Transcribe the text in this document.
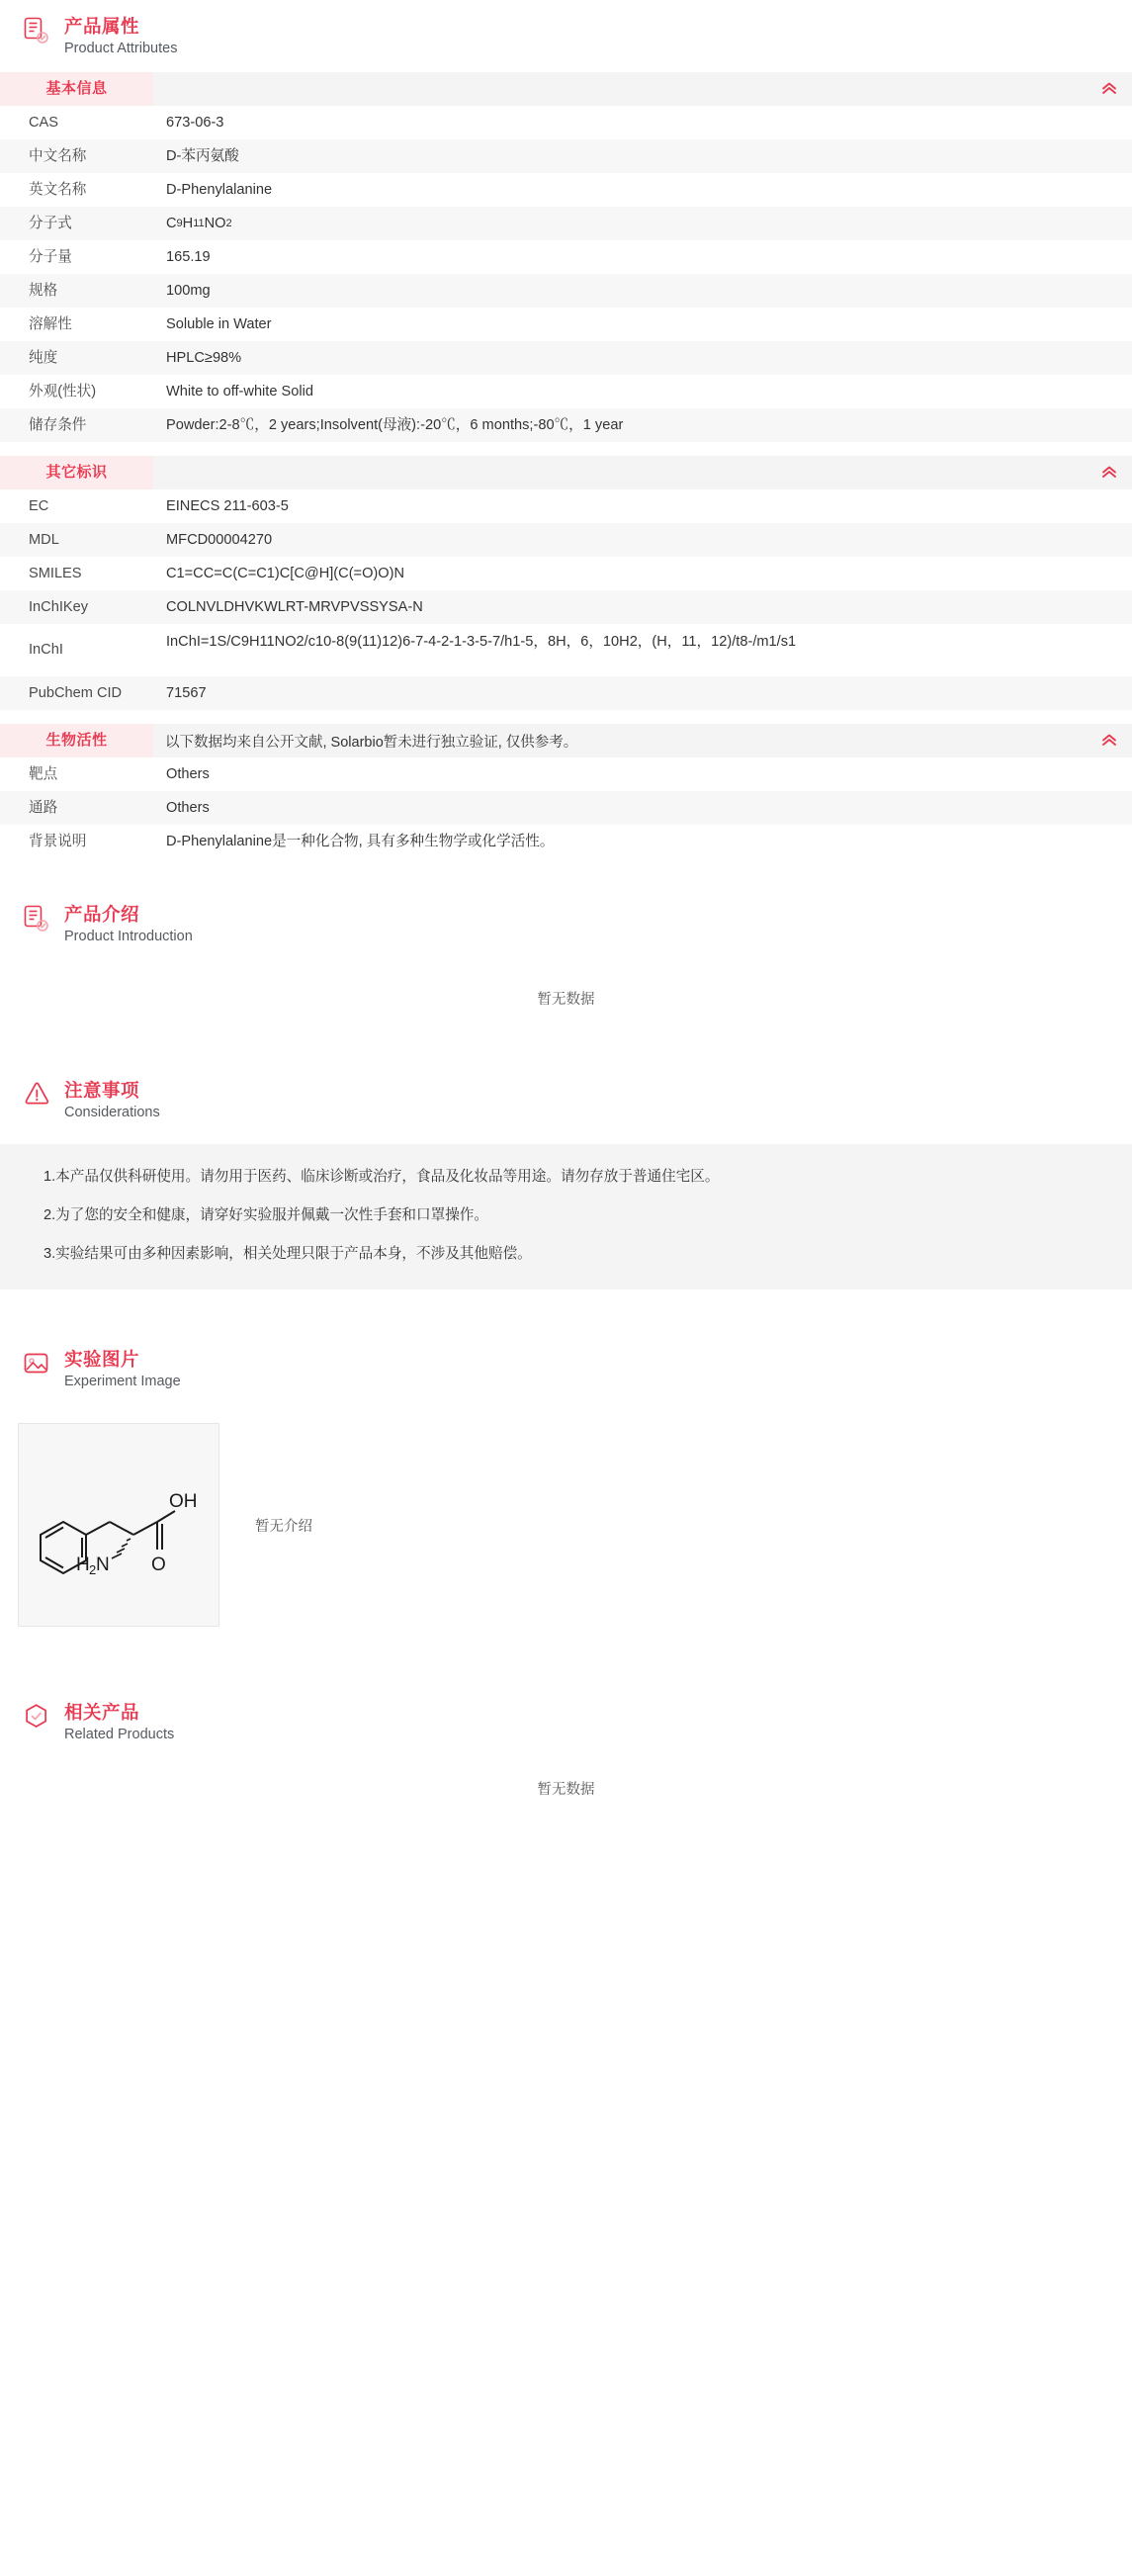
产品属性
Product Attributes
基本信息
CAS	673-06-3
中文名称	D-苯丙氨酸
英文名称	D-Phenylalanine
分子式	C 9 H 11 NO 2
分子量	165.19
规格	100mg
溶解性	Soluble in Water
纯度	HPLC≥98%
外观(性状)	White to off-white Solid
储存条件	Powder:2-8℃，2 years;Insolvent(母液):-20℃，6 months;-80℃，1 year
其它标识
EC	EINECS 211-603-5
MDL	MFCD00004270
SMILES	C1=CC=C(C=C1)C[C@H](C(=O)O)N
InChIKey	COLNVLDHVKWLRT-MRVPVSSYSA-N
InChI	InChI=1S/C9H11NO2/c10-8(9(11)12)6-7-4-2-1-3-5-7/h1-5，8H，6，10H2，(H，11，12)/t8-/m1/s1
PubChem CID	71567
生物活性	以下数据均来自公开文献, Solarbio暂未进行独立验证, 仅供参考。
靶点	Others
通路	Others
背景说明	D-Phenylalanine是一种化合物, 具有多种生物学或化学活性。
产品介绍
Product Introduction
暂无数据
注意事项
Considerations

1.本产品仅供科研使用。请勿用于医药、临床诊断或治疗，食品及化妆品等用途。请勿存放于普通住宅区。

2.为了您的安全和健康，请穿好实验服并佩戴一次性手套和口罩操作。

3.实验结果可由多种因素影响，相关处理只限于产品本身，不涉及其他赔偿。

实验图片
Experiment Image
OH
O
H 2 N
暂无介绍
相关产品
Related Products
暂无数据
